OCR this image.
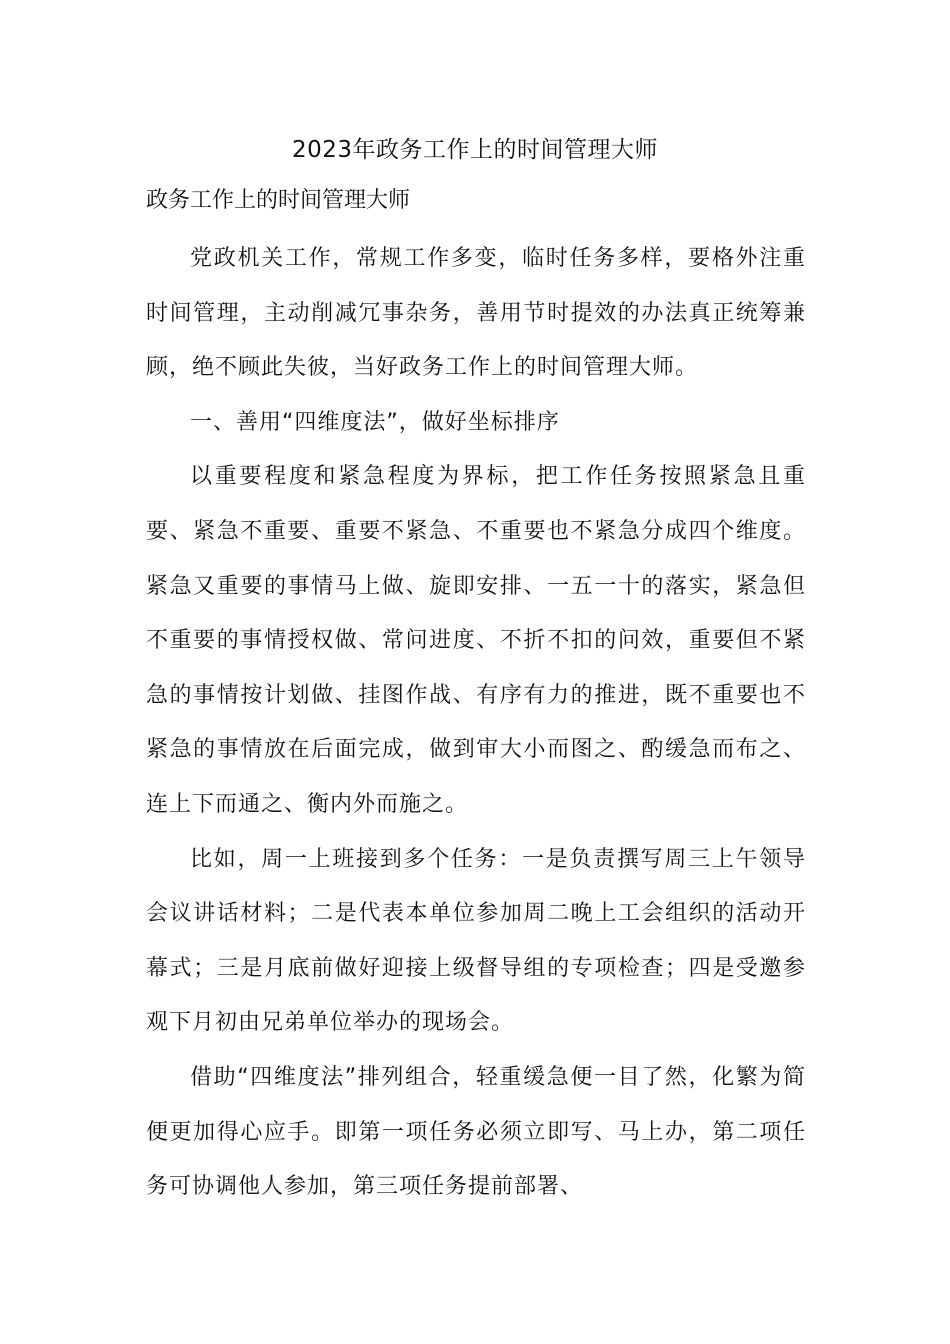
2023年政务工作上的时间管理大师
政务工作上的时间管理大师

党政机关工作，常规工作多变，临时任务多样，要格外注重时间管理，主动削减冗事杂务，善用节时提效的办法真正统筹兼顾，绝不顾此失彼，当好政务工作上的时间管理大师。

一、善用“四维度法”，做好坐标排序

以重要程度和紧急程度为界标，把工作任务按照紧急且重要、紧急不重要、重要不紧急、不重要也不紧急分成四个维度。紧急又重要的事情马上做、旋即安排、一五一十的落实，紧急但不重要的事情授权做、常问进度、不折不扣的问效，重要但不紧急的事情按计划做、挂图作战、有序有力的推进，既不重要也不紧急的事情放在后面完成，做到审大小而图之、酌缓急而布之、连上下而通之、衡内外而施之。

比如，周一上班接到多个任务：一是负责撰写周三上午领导会议讲话材料；二是代表本单位参加周二晚上工会组织的活动开幕式；三是月底前做好迎接上级督导组的专项检查；四是受邀参观下月初由兄弟单位举办的现场会。

借助“四维度法”排列组合，轻重缓急便一目了然，化繁为简便更加得心应手。即第一项任务必须立即写、马上办，第二项任务可协调他人参加，第三项任务提前部署、
